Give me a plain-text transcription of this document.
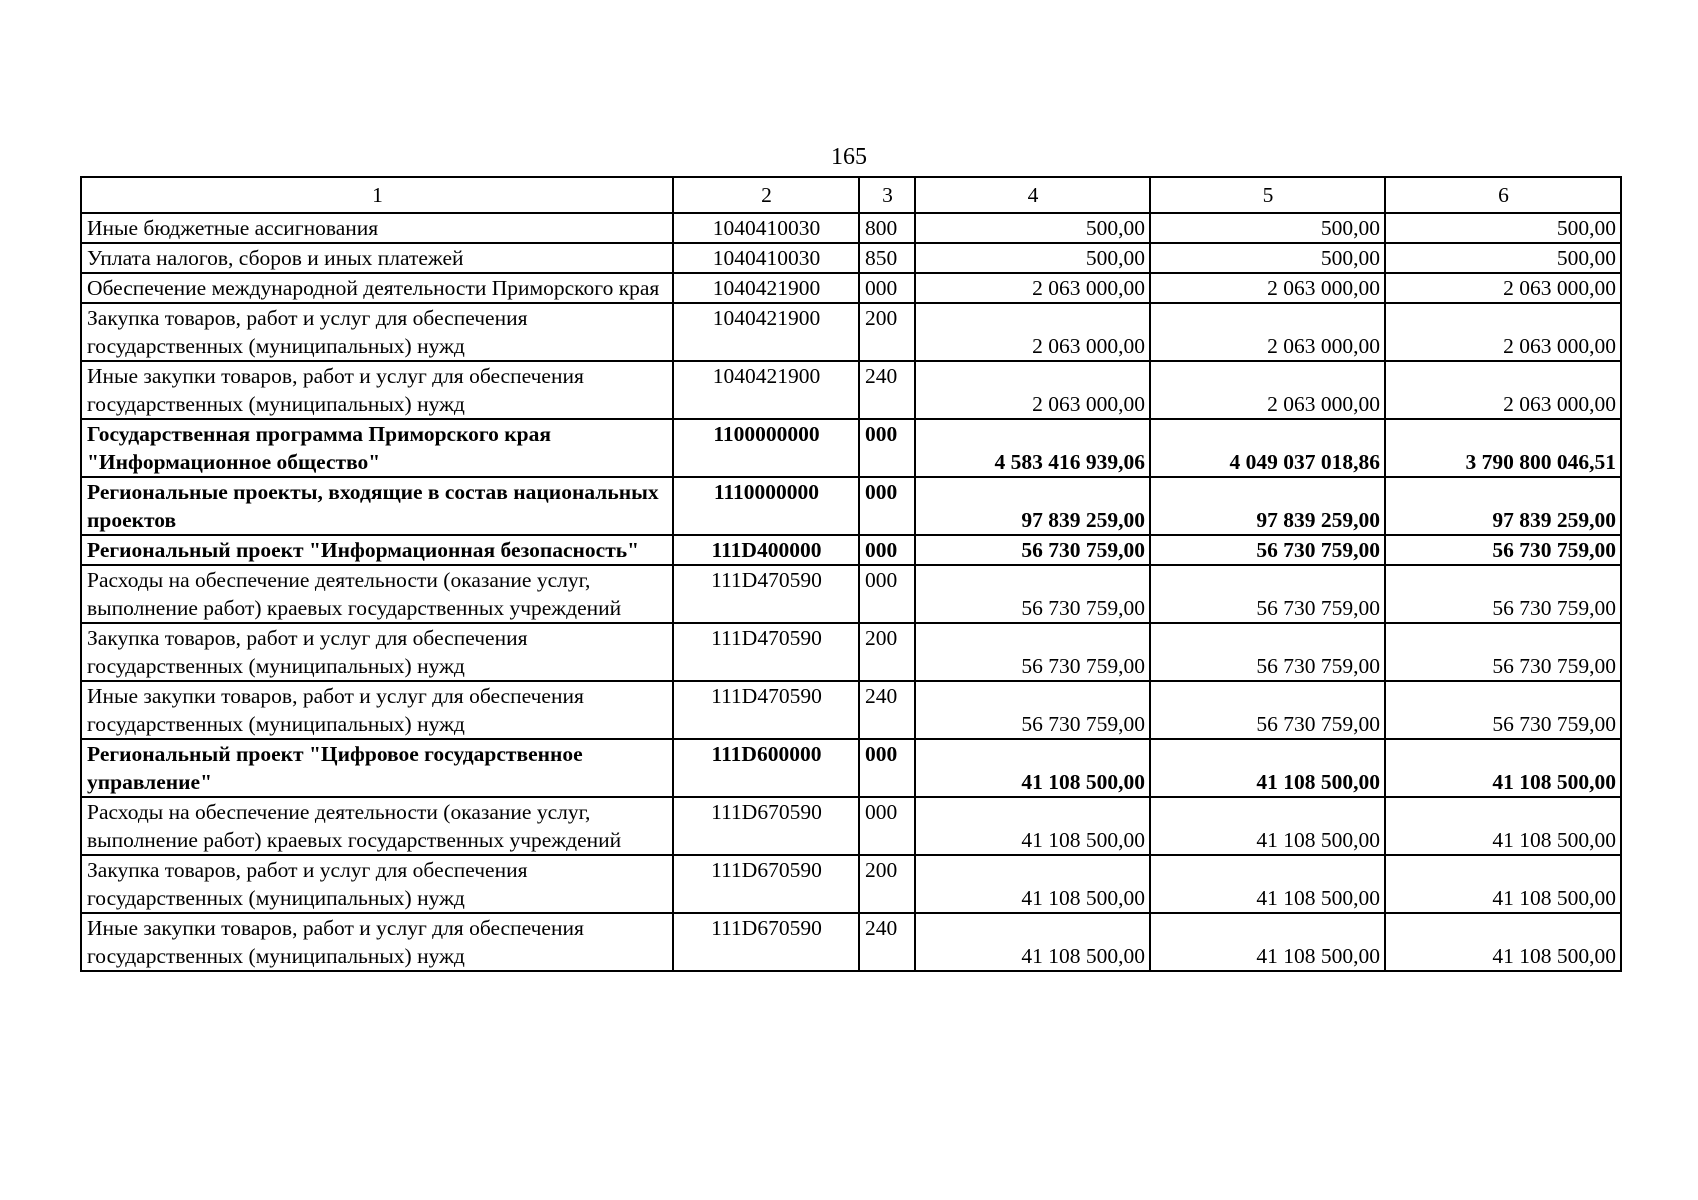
165
1	2	3	4	5	6
Иные бюджетные ассигнования	1040410030	800	500,00	500,00	500,00
Уплата налогов, сборов и иных платежей	1040410030	850	500,00	500,00	500,00
Обеспечение международной деятельности Приморского края	1040421900	000	2 063 000,00	2 063 000,00	2 063 000,00
Закупка товаров, работ и услуг для обеспечения государственных (муниципальных) нужд	1040421900	200	2 063 000,00	2 063 000,00	2 063 000,00
Иные закупки товаров, работ и услуг для обеспечения государственных (муниципальных) нужд	1040421900	240	2 063 000,00	2 063 000,00	2 063 000,00
Государственная программа Приморского края "Информационное общество"	1100000000	000	4 583 416 939,06	4 049 037 018,86	3 790 800 046,51
Региональные проекты, входящие в состав национальных проектов	1110000000	000	97 839 259,00	97 839 259,00	97 839 259,00
Региональный проект "Информационная безопасность"	111D400000	000	56 730 759,00	56 730 759,00	56 730 759,00
Расходы на обеспечение деятельности (оказание услуг, выполнение работ) краевых государственных учреждений	111D470590	000	56 730 759,00	56 730 759,00	56 730 759,00
Закупка товаров, работ и услуг для обеспечения государственных (муниципальных) нужд	111D470590	200	56 730 759,00	56 730 759,00	56 730 759,00
Иные закупки товаров, работ и услуг для обеспечения государственных (муниципальных) нужд	111D470590	240	56 730 759,00	56 730 759,00	56 730 759,00
Региональный проект "Цифровое государственное управление"	111D600000	000	41 108 500,00	41 108 500,00	41 108 500,00
Расходы на обеспечение деятельности (оказание услуг, выполнение работ) краевых государственных учреждений	111D670590	000	41 108 500,00	41 108 500,00	41 108 500,00
Закупка товаров, работ и услуг для обеспечения государственных (муниципальных) нужд	111D670590	200	41 108 500,00	41 108 500,00	41 108 500,00
Иные закупки товаров, работ и услуг для обеспечения государственных (муниципальных) нужд	111D670590	240	41 108 500,00	41 108 500,00	41 108 500,00
